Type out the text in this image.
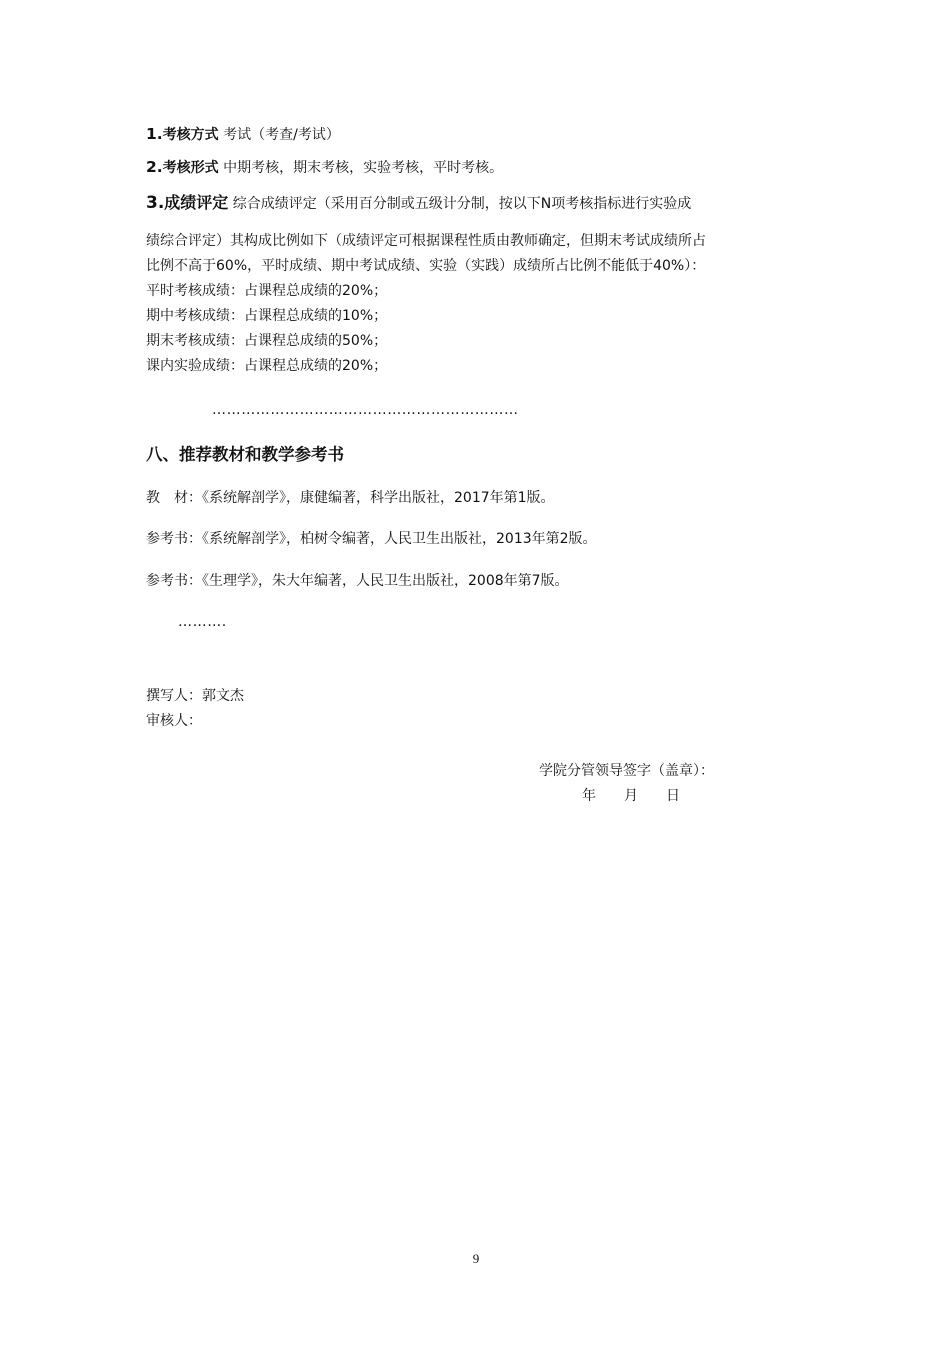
1.考核方式 考试（考查/考试）
2.考核形式 中期考核，期末考核，实验考核，平时考核。
3.成绩评定 综合成绩评定（采用百分制或五级计分制，按以下N项考核指标进行实验成
绩综合评定）其构成比例如下（成绩评定可根据课程性质由教师确定，但期末考试成绩所占
比例不高于60%，平时成绩、期中考试成绩、实验（实践）成绩所占比例不能低于40%）：
平时考核成绩：占课程总成绩的20%；
期中考核成绩：占课程总成绩的10%；
期末考核成绩：占课程总成绩的50%；
课内实验成绩：占课程总成绩的20%；
………………………………………………………
八、推荐教材和教学参考书
教　材：《系统解剖学》，康健编著，科学出版社，2017年第1版。
参考书：《系统解剖学》，柏树令编著，人民卫生出版社，2013年第2版。
参考书：《生理学》，朱大年编著，人民卫生出版社，2008年第7版。
……….
撰写人：郭文杰
审核人：
学院分管领导签字（盖章）：
年　　月　　日
9
